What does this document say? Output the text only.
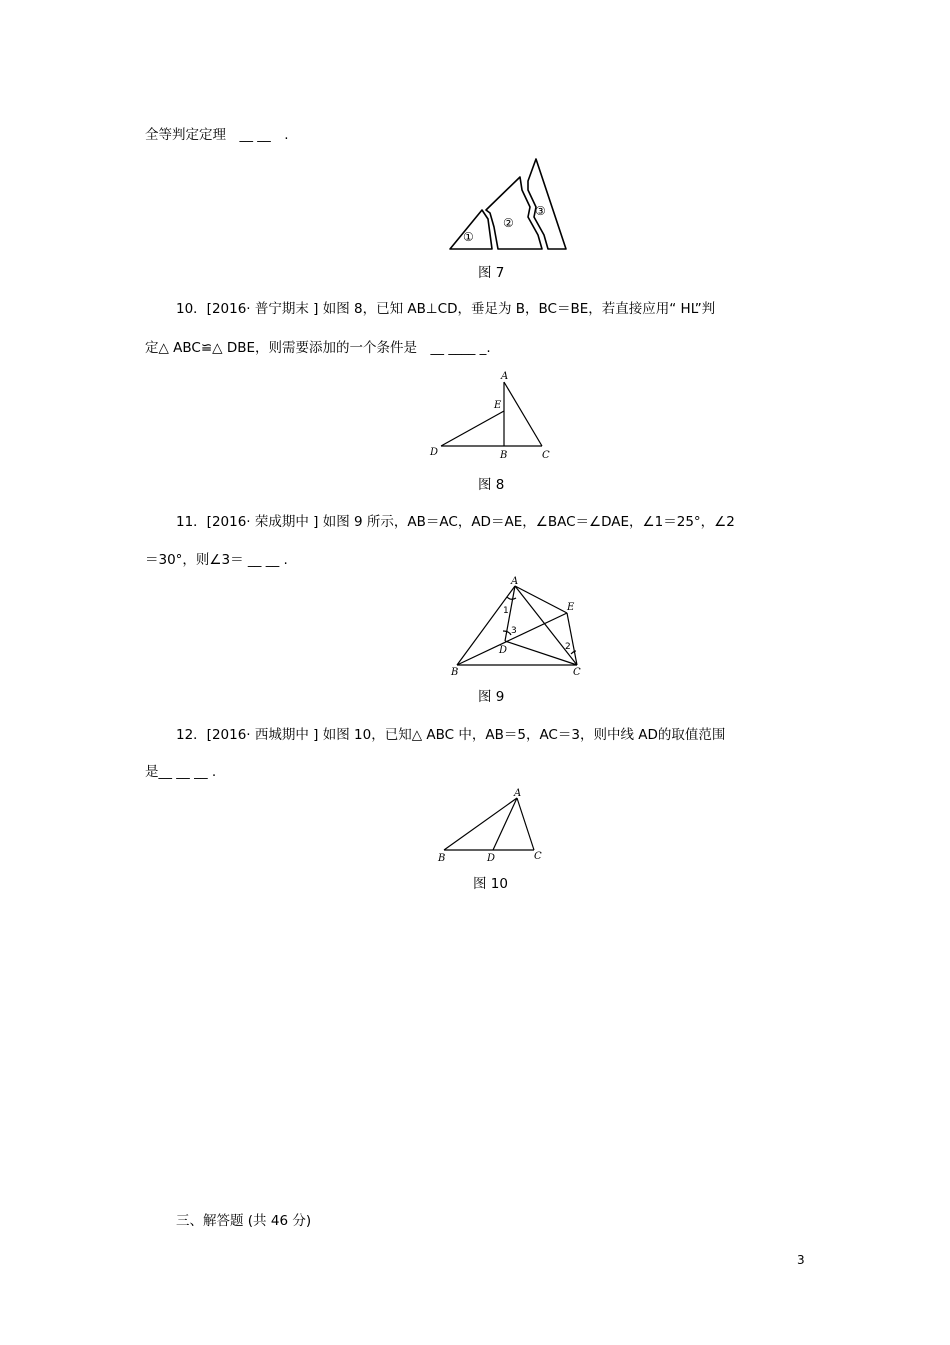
全等判定定理　__ __　.
①
②
③
图 7
10．[2016· 普宁期末 ] 如图 8，已知 AB⊥CD，垂足为 B，BC＝BE，若直接应用“ HL”判
定△ ABC≌△ DBE，则需要添加的一个条件是　__ ____ _.
A
E
D	B	C
图 8
11．[2016· 荣成期中 ] 如图 9 所示，AB＝AC，AD＝AE，∠BAC＝∠DAE，∠1＝25°，∠2
＝30°，则∠3＝ __ __ .
A
E
D
B	C
1
2
3
图 9
12．[2016· 西城期中 ] 如图 10，已知△ ABC 中，AB＝5，AC＝3，则中线 AD的取值范围
是__ __ __ .
A
B	D	C
图 10
三、解答题 (共 46 分)
3
